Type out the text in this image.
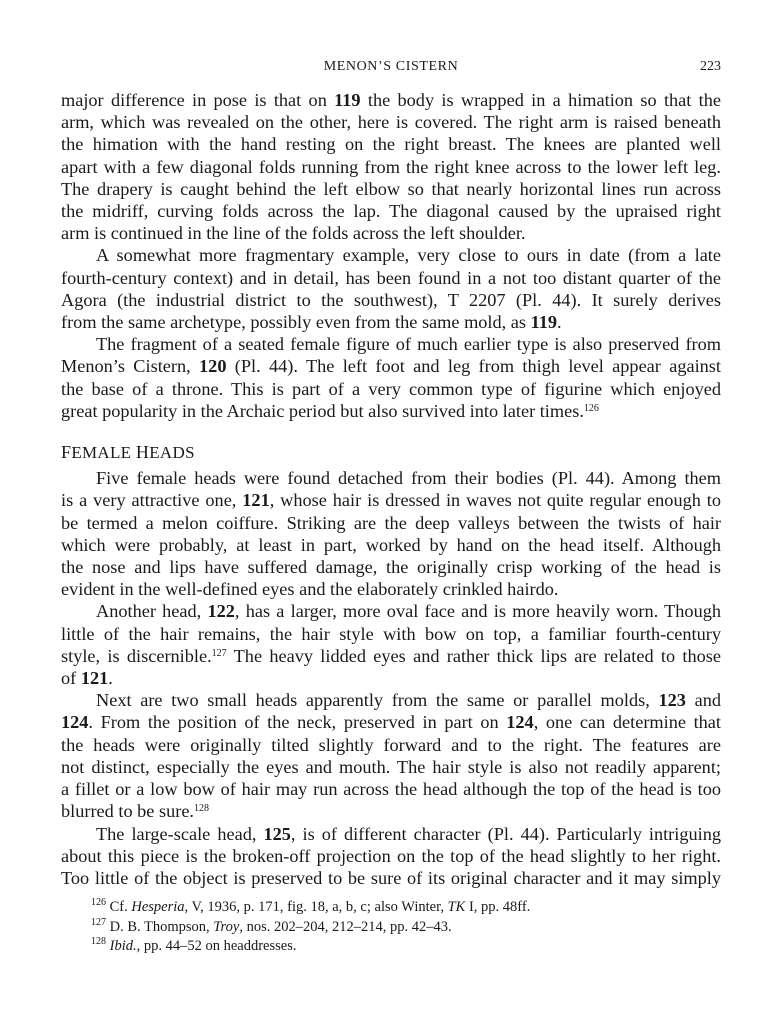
MENON’S CISTERN	223

major difference in pose is that on 119 the body is wrapped in a himation so that the
arm, which was revealed on the other, here is covered. The right arm is raised beneath
the himation with the hand resting on the right breast. The knees are planted well
apart with a few diagonal folds running from the right knee across to the lower left leg.
The drapery is caught behind the left elbow so that nearly horizontal lines run across
the midriff, curving folds across the lap. The diagonal caused by the upraised right
arm is continued in the line of the folds across the left shoulder.

A somewhat more fragmentary example, very close to ours in date (from a late
fourth-century context) and in detail, has been found in a not too distant quarter of the
Agora (the industrial district to the southwest), T 2207 (Pl. 44). It surely derives
from the same archetype, possibly even from the same mold, as 119.

The fragment of a seated female figure of much earlier type is also preserved from
Menon’s Cistern, 120 (Pl. 44). The left foot and leg from thigh level appear against
the base of a throne. This is part of a very common type of figurine which enjoyed
great popularity in the Archaic period but also survived into later times.$^{126}$

FEMALE HEADS

Five female heads were found detached from their bodies (Pl. 44). Among them
is a very attractive one, 121, whose hair is dressed in waves not quite regular enough to
be termed a melon coiffure. Striking are the deep valleys between the twists of hair
which were probably, at least in part, worked by hand on the head itself. Although
the nose and lips have suffered damage, the originally crisp working of the head is
evident in the well-defined eyes and the elaborately crinkled hairdo.

Another head, 122, has a larger, more oval face and is more heavily worn. Though
little of the hair remains, the hair style with bow on top, a familiar fourth-century
style, is discernible.$^{127}$ The heavy lidded eyes and rather thick lips are related to those
of 121.

Next are two small heads apparently from the same or parallel molds, 123 and
124. From the position of the neck, preserved in part on 124, one can determine that
the heads were originally tilted slightly forward and to the right. The features are
not distinct, especially the eyes and mouth. The hair style is also not readily apparent;
a fillet or a low bow of hair may run across the head although the top of the head is too
blurred to be sure.$^{128}$

The large-scale head, 125, is of different character (Pl. 44). Particularly intriguing
about this piece is the broken-off projection on the top of the head slightly to her right.
Too little of the object is preserved to be sure of its original character and it may simply

$^{126}$ Cf. Hesperia, V, 1936, p. 171, fig. 18, a, b, c; also Winter, TK I, pp. 48ff.
$^{127}$ D. B. Thompson, Troy, nos. 202–204, 212–214, pp. 42–43.
$^{128}$ Ibid., pp. 44–52 on headdresses.
